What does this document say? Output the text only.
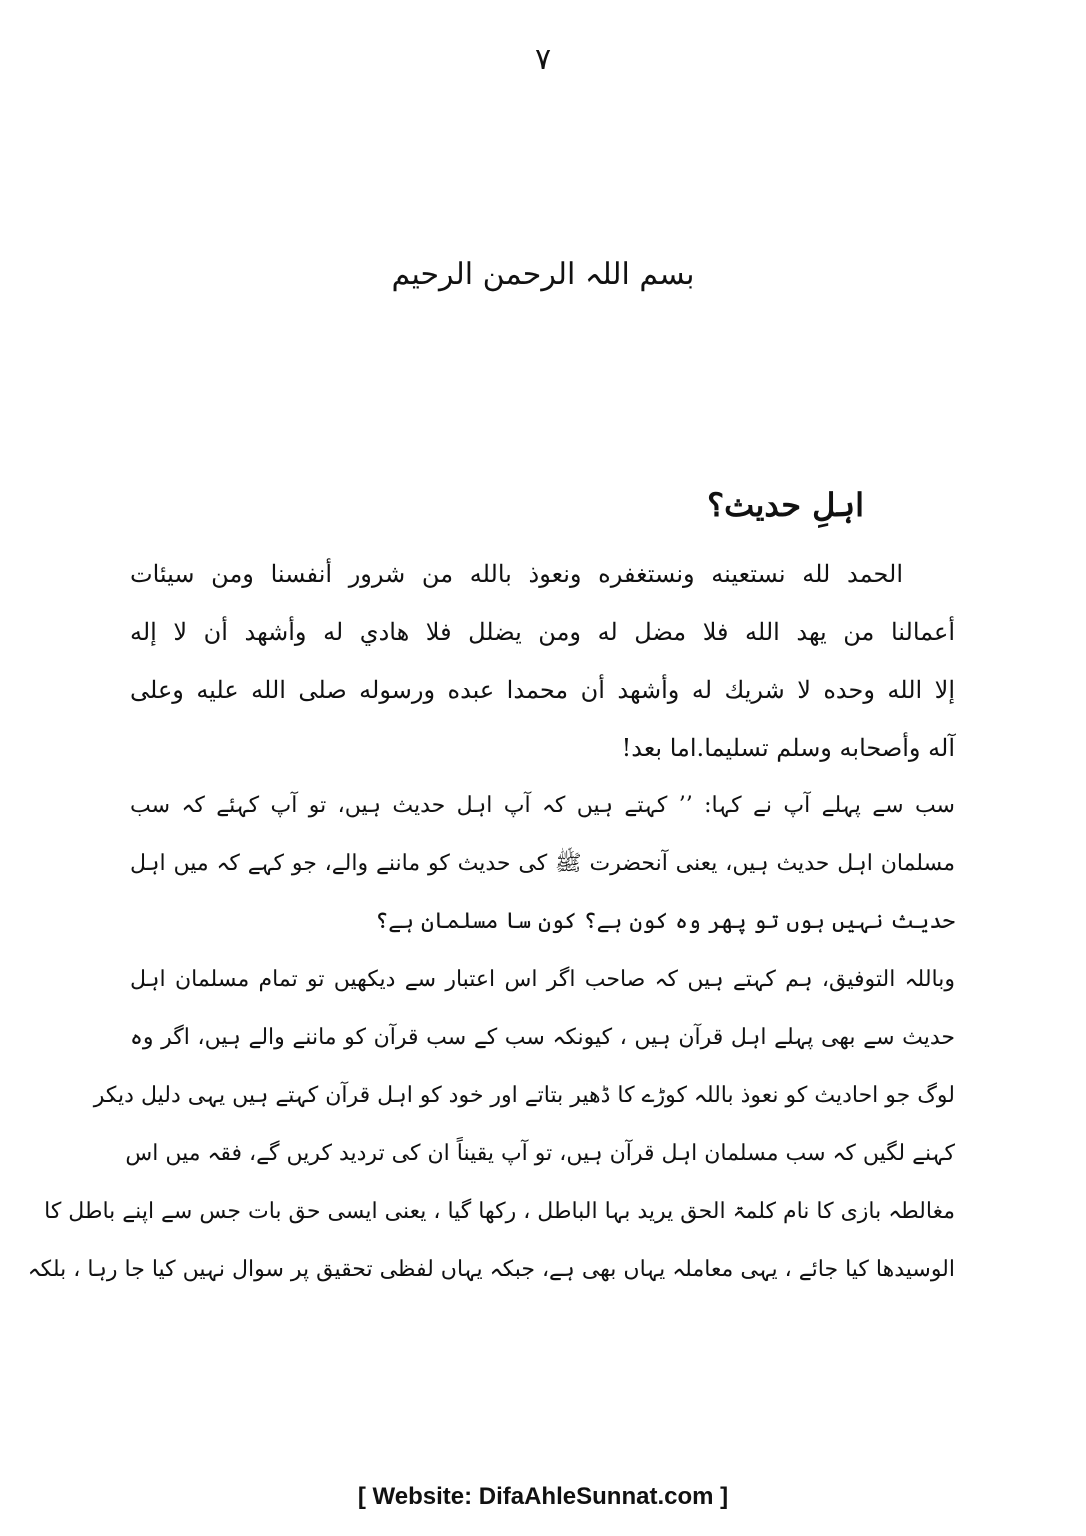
۷
بسم اللہ الرحمن الرحیم
اہلِ حدیث؟
الحمد لله نستعينه ونستغفره ونعوذ بالله من شرور أنفسنا ومن سيئات
أعمالنا من يهد الله فلا مضل له ومن يضلل فلا هادي له وأشهد أن لا إله
إلا الله وحده لا شريك له وأشهد أن محمدا عبده ورسوله صلى الله عليه وعلى
آله وأصحابه وسلم تسليما.اما بعد!
سب سے پہلے آپ نے کہا: ’’ کہتے ہیں کہ آپ اہل حدیث ہیں، تو آپ کہئے کہ سب
مسلمان اہل حدیث ہیں، یعنی آنحضرت ﷺ کی حدیث کو ماننے والے، جو کہے کہ میں اہل
حدیث نہیں ہوں تو پھر وہ کون ہے؟ کون سا مسلمان ہے؟
وباللہ التوفیق، ہم کہتے ہیں کہ صاحب اگر اس اعتبار سے دیکھیں تو تمام مسلمان اہل
حدیث سے بھی پہلے اہل قرآن ہیں ، کیونکہ سب کے سب قرآن کو ماننے والے ہیں، اگر وہ
لوگ جو احادیث کو نعوذ باللہ کوڑے کا ڈھیر بتاتے اور خود کو اہل قرآن کہتے ہیں یہی دلیل دیکر
کہنے لگیں کہ سب مسلمان اہل قرآن ہیں، تو آپ یقیناً ان کی تردید کریں گے، فقہ میں اس
مغالطہ بازی کا نام کلمۃ الحق یرید بہا الباطل ، رکھا گیا ، یعنی ایسی حق بات جس سے اپنے باطل کا
الوسیدھا کیا جائے ، یہی معاملہ یہاں بھی ہے، جبکہ یہاں لفظی تحقیق پر سوال نہیں کیا جا رہا ، بلکہ
[ Website: DifaAhleSunnat.com ]
